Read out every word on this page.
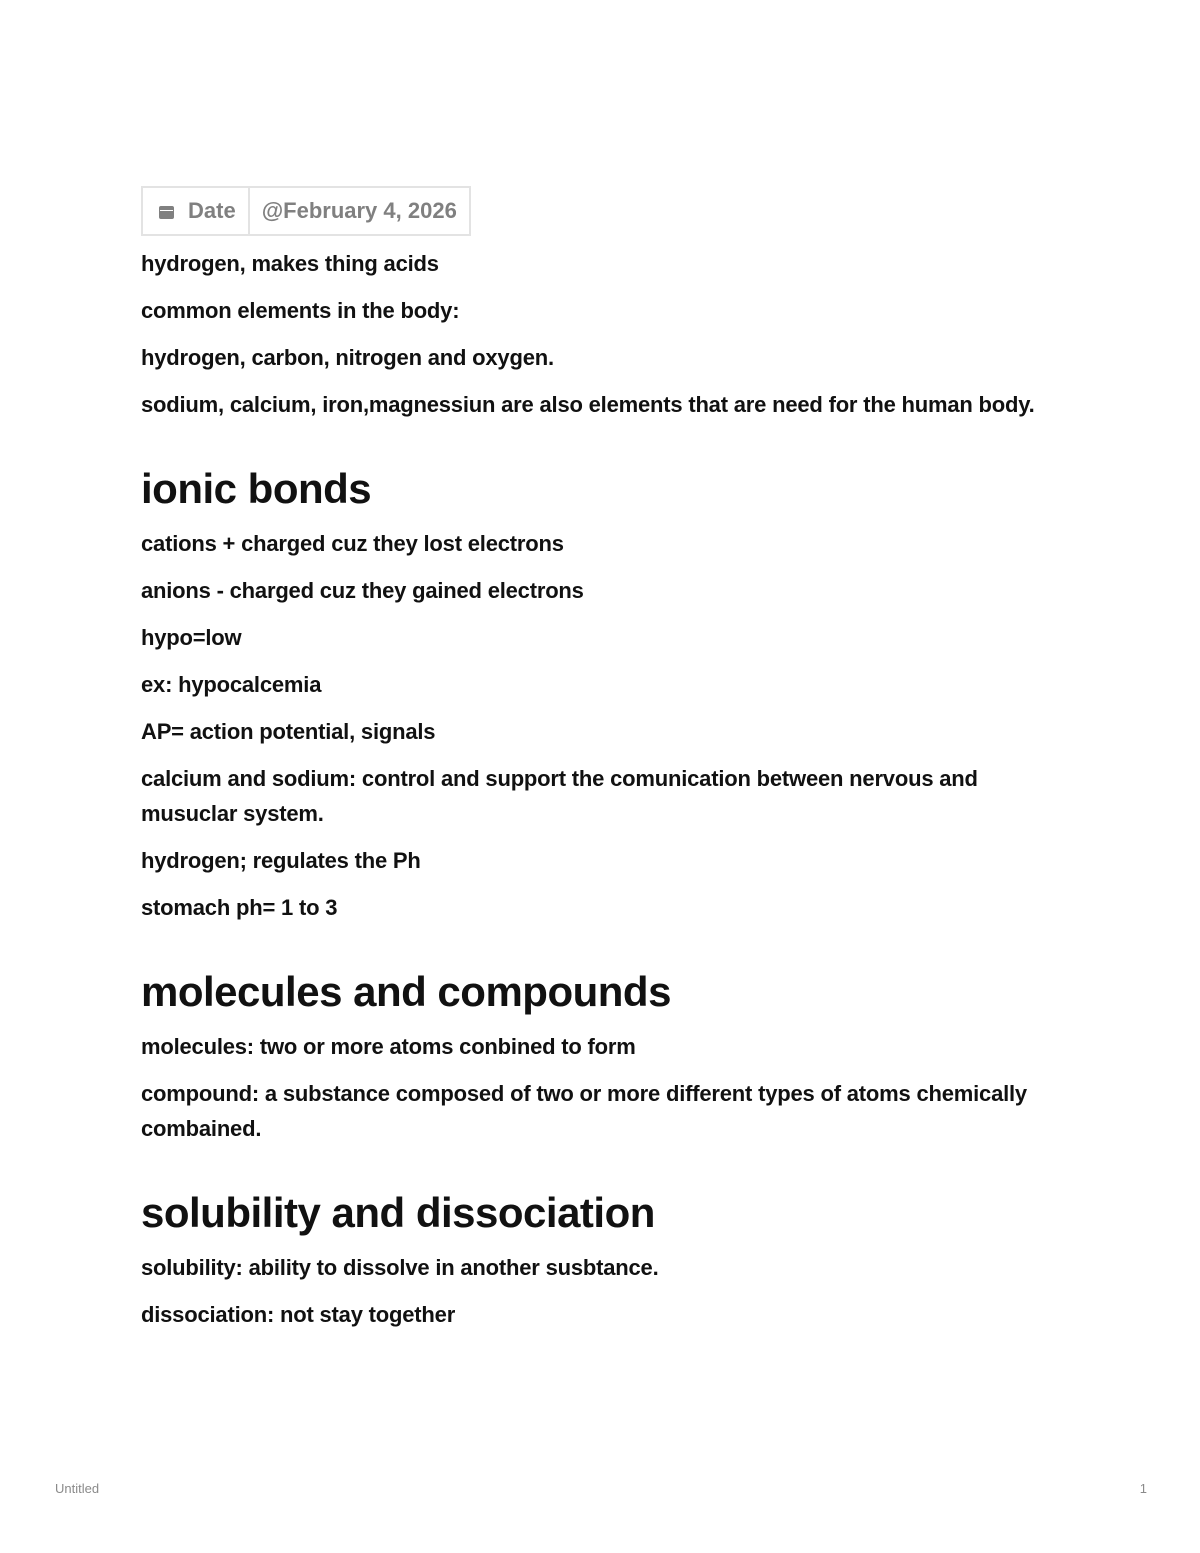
Date	@February 4, 2026

hydrogen, makes thing acids

common elements in the body:

hydrogen, carbon, nitrogen and oxygen.

sodium, calcium, iron,magnessiun are also elements that are need for the human body.

ionic bonds

cations + charged cuz they lost electrons

anions - charged cuz they gained electrons

hypo=low

ex: hypocalcemia

AP= action potential, signals

calcium and sodium: control and support the comunication between nervous and musuclar system.

hydrogen; regulates the Ph

stomach ph= 1 to 3

molecules and compounds

molecules: two or more atoms conbined to form

compound: a substance composed of two or more different types of atoms chemically combained.

solubility and dissociation

solubility: ability to dissolve in another susbtance.

dissociation: not stay together

Untitled	1
